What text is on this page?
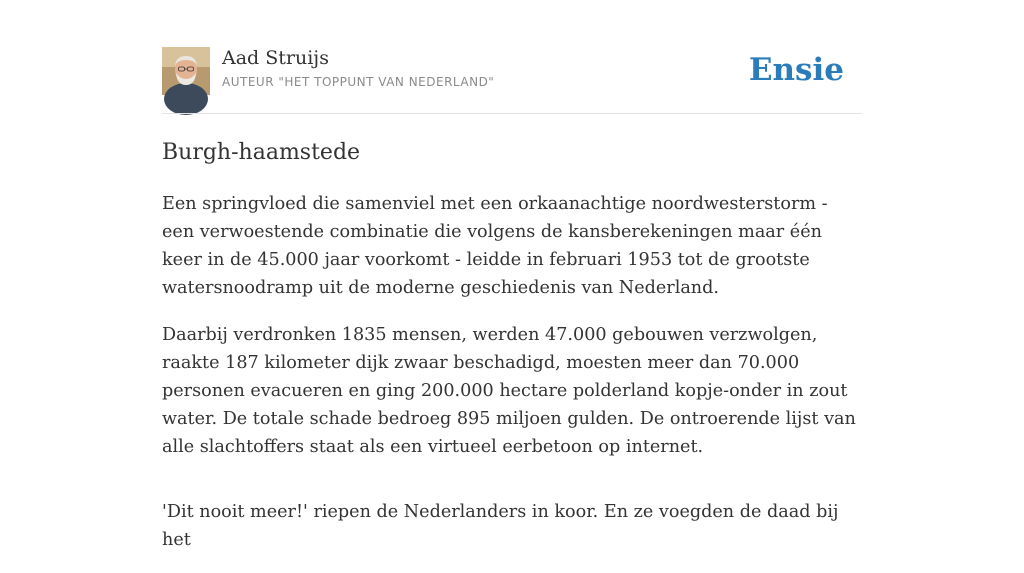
Aad Struijs
AUTEUR "HET TOPPUNT VAN NEDERLAND"	Ensie
Burgh-haamstede

Een springvloed die samenviel met een orkaanachtige noordwesterstorm - een verwoestende combinatie die volgens de kansberekeningen maar één keer in de 45.000 jaar voorkomt - leidde in februari 1953 tot de grootste watersnoodramp uit de moderne geschiedenis van Nederland.

Daarbij verdronken 1835 mensen, werden 47.000 gebouwen verzwolgen, raakte 187 kilometer dijk zwaar beschadigd, moesten meer dan 70.000 personen evacueren en ging 200.000 hectare polderland kopje-onder in zout water. De totale schade bedroeg 895 miljoen gulden. De ontroerende lijst van alle slachtoffers staat als een virtueel eerbetoon op internet.

'Dit nooit meer!' riepen de Nederlanders in koor. En ze voegden de daad bij het
